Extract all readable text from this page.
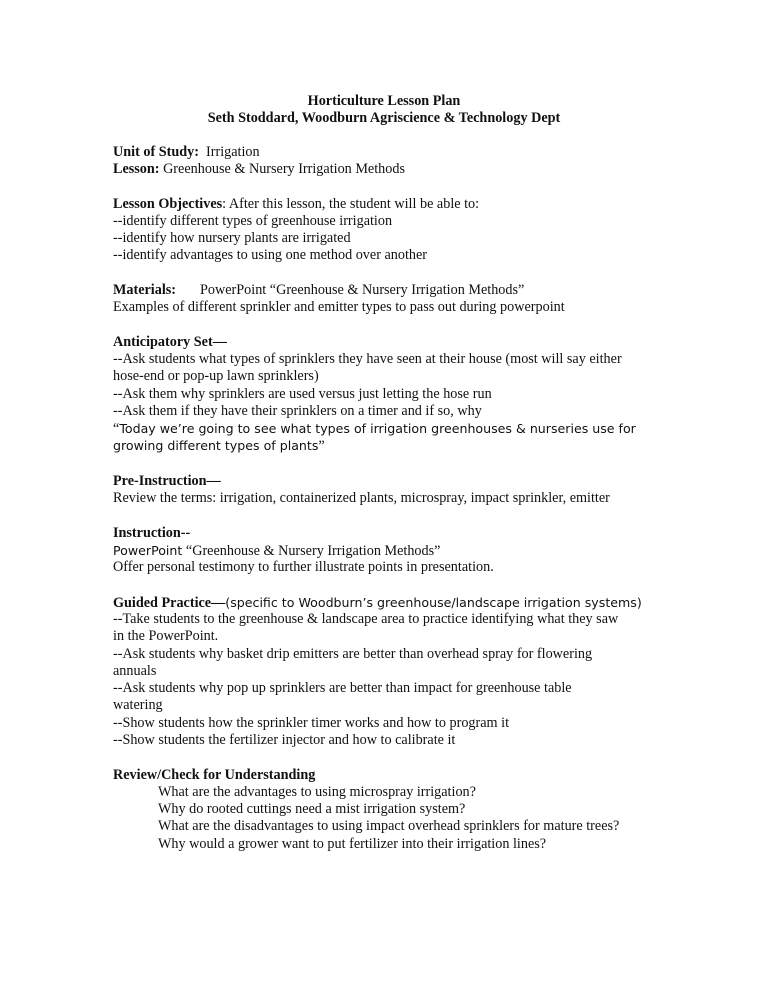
Horticulture Lesson Plan
Seth Stoddard, Woodburn Agriscience & Technology Dept
Unit of Study: Irrigation
Lesson: Greenhouse & Nursery Irrigation Methods
Lesson Objectives: After this lesson, the student will be able to:
--identify different types of greenhouse irrigation
--identify how nursery plants are irrigated
--identify advantages to using one method over another
Materials: PowerPoint “Greenhouse & Nursery Irrigation Methods”
Examples of different sprinkler and emitter types to pass out during powerpoint
Anticipatory Set—
--Ask students what types of sprinklers they have seen at their house (most will say either
hose-end or pop-up lawn sprinklers)
--Ask them why sprinklers are used versus just letting the hose run
--Ask them if they have their sprinklers on a timer and if so, why
“Today we’re going to see what types of irrigation greenhouses & nurseries use for
growing different types of plants”
Pre-Instruction—
Review the terms: irrigation, containerized plants, microspray, impact sprinkler, emitter
Instruction--
PowerPoint “Greenhouse & Nursery Irrigation Methods”
Offer personal testimony to further illustrate points in presentation.
Guided Practice—(specific to Woodburn’s greenhouse/landscape irrigation systems)
--Take students to the greenhouse & landscape area to practice identifying what they saw
in the PowerPoint.
--Ask students why basket drip emitters are better than overhead spray for flowering
annuals
--Ask students why pop up sprinklers are better than impact for greenhouse table
watering
--Show students how the sprinkler timer works and how to program it
--Show students the fertilizer injector and how to calibrate it
Review/Check for Understanding
What are the advantages to using microspray irrigation?
Why do rooted cuttings need a mist irrigation system?
What are the disadvantages to using impact overhead sprinklers for mature trees?
Why would a grower want to put fertilizer into their irrigation lines?
